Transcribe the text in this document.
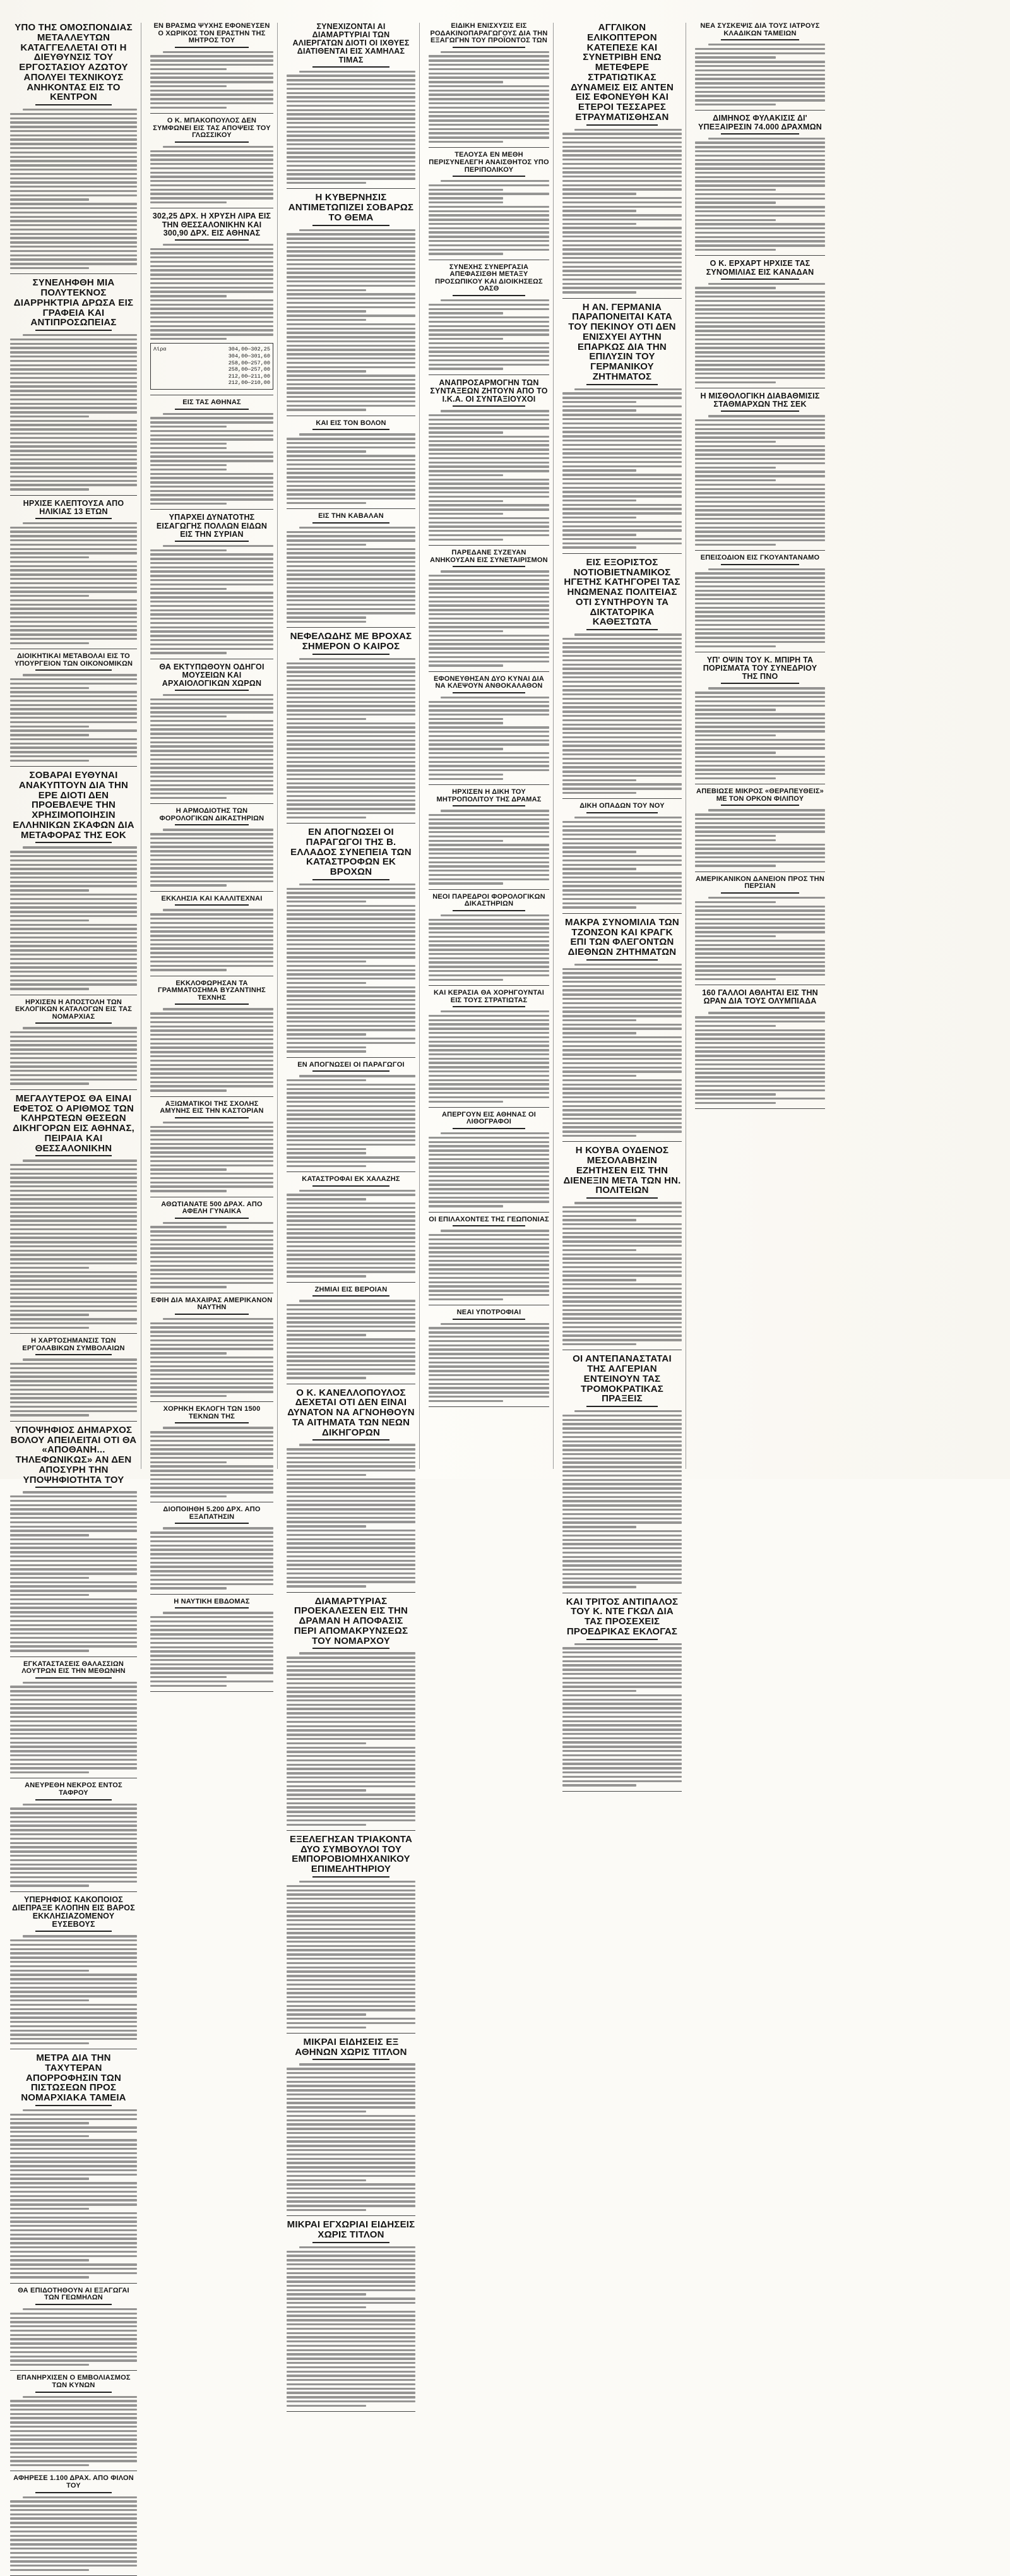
ΥΠΟ ΤΗΣ ΟΜΟΣΠΟΝΔΙΑΣ ΜΕΤΑΛΛΕΥΤΩΝ ΚΑΤΑΓΓΕΛΛΕΤΑΙ ΟΤΙ Η ΔΙΕΥΘΥΝΣΙΣ ΤΟΥ ΕΡΓΟΣΤΑΣΙΟΥ ΑΖΩΤΟΥ ΑΠΟΛΥΕΙ ΤΕΧΝΙΚΟΥΣ ΑΝΗΚΟΝΤΑΣ ΕΙΣ ΤΟ ΚΕΝΤΡΟΝ
ΣΥΝΕΛΗΦΘΗ ΜΙΑ ΠΟΛΥΤΕΚΝΟΣ ΔΙΑΡΡΗΚΤΡΙΑ ΔΡΩΣΑ ΕΙΣ ΓΡΑΦΕΙΑ ΚΑΙ ΑΝΤΙΠΡΟΣΩΠΕΙΑΣ
ΗΡΧΙΣΕ ΚΛΕΠΤΟΥΣΑ ΑΠΟ ΗΛΙΚΙΑΣ 13 ΕΤΩΝ
ΔΙΟΙΚΗΤΙΚΑΙ ΜΕΤΑΒΟΛΑΙ ΕΙΣ ΤΟ ΥΠΟΥΡΓΕΙΟΝ ΤΩΝ ΟΙΚΟΝΟΜΙΚΩΝ
ΣΟΒΑΡΑΙ ΕΥΘΥΝΑΙ ΑΝΑΚΥΠΤΟΥΝ ΔΙΑ ΤΗΝ ΕΡΕ ΔΙΟΤΙ ΔΕΝ ΠΡΟΕΒΛΕΨΕ ΤΗΝ ΧΡΗΣΙΜΟΠΟΙΗΣΙΝ ΕΛΛΗΝΙΚΩΝ ΣΚΑΦΩΝ ΔΙΑ ΜΕΤΑΦΟΡΑΣ ΤΗΣ ΕΟΚ
ΗΡΧΙΣΕΝ Η ΑΠΟΣΤΟΛΗ ΤΩΝ ΕΚΛΟΓΙΚΩΝ ΚΑΤΑΛΟΓΩΝ ΕΙΣ ΤΑΣ ΝΟΜΑΡΧΙΑΣ
ΜΕΓΑΛΥΤΕΡΟΣ ΘΑ ΕΙΝΑΙ ΕΦΕΤΟΣ Ο ΑΡΙΘΜΟΣ ΤΩΝ ΚΛΗΡΩΤΕΩΝ ΘΕΣΕΩΝ ΔΙΚΗΓΟΡΩΝ ΕΙΣ ΑΘΗΝΑΣ, ΠΕΙΡΑΙΑ ΚΑΙ ΘΕΣΣΑΛΟΝΙΚΗΝ
Η ΧΑΡΤΟΣΗΜΑΝΣΙΣ ΤΩΝ ΕΡΓΟΛΑΒΙΚΩΝ ΣΥΜΒΟΛΑΙΩΝ
ΥΠΟΨΗΦΙΟΣ ΔΗΜΑΡΧΟΣ ΒΟΛΟΥ ΑΠΕΙΛΕΙΤΑΙ ΟΤΙ ΘΑ «ΑΠΟΘΑΝΗ... ΤΗΛΕΦΩΝΙΚΩΣ» ΑΝ ΔΕΝ ΑΠΟΣΥΡΗ ΤΗΝ ΥΠΟΨΗΦΙΟΤΗΤΑ ΤΟΥ
ΕΓΚΑΤΑΣΤΑΣΕΙΣ ΘΑΛΑΣΣΙΩΝ ΛΟΥΤΡΩΝ ΕΙΣ ΤΗΝ ΜΕΘΩΝΗΝ
ΑΝΕΥΡΕΘΗ ΝΕΚΡΟΣ ΕΝΤΟΣ ΤΑΦΡΟΥ
ΥΠΕΡΗΦΙΟΣ ΚΑΚΟΠΟΙΟΣ ΔΙΕΠΡΑΞΕ ΚΛΟΠΗΝ ΕΙΣ ΒΑΡΟΣ ΕΚΚΛΗΣΙΑΖΟΜΕΝΟΥ ΕΥΣΕΒΟΥΣ
ΜΕΤΡΑ ΔΙΑ ΤΗΝ ΤΑΧΥΤΕΡΑΝ ΑΠΟΡΡΟΦΗΣΙΝ ΤΩΝ ΠΙΣΤΩΣΕΩΝ ΠΡΟΣ ΝΟΜΑΡΧΙΑΚΑ ΤΑΜΕΙΑ
ΘΑ ΕΠΙΔΟΤΗΘΟΥΝ ΑΙ ΕΞΑΓΩΓΑΙ ΤΩΝ ΓΕΩΜΗΛΩΝ
ΕΠΑΝΗΡΧΙΣΕΝ Ο ΕΜΒΟΛΙΑΣΜΟΣ ΤΩΝ ΚΥΝΩΝ
ΑΦΗΡΕΣΕ 1.100 ΔΡΑΧ. ΑΠΟ ΦΙΛΟΝ ΤΟΥ
ΕΝ ΒΡΑΣΜΩ ΨΥΧΗΣ ΕΦΟΝΕΥΣΕΝ Ο ΧΩΡΙΚΟΣ ΤΟΝ ΕΡΑΣΤΗΝ ΤΗΣ ΜΗΤΡΟΣ ΤΟΥ
Ο Κ. ΜΠΑΚΟΠΟΥΛΟΣ ΔΕΝ ΣΥΜΦΩΝΕΙ ΕΙΣ ΤΑΣ ΑΠΟΨΕΙΣ ΤΟΥ ΓΛΩΣΣΙΚΟΥ
302,25 ΔΡΧ. Η ΧΡΥΣΗ ΛΙΡΑ ΕΙΣ ΤΗΝ ΘΕΣΣΑΛΟΝΙΚΗΝ ΚΑΙ 300,90 ΔΡΧ. ΕΙΣ ΑΘΗΝΑΣ
Λίρα	304,00—302,25
304,00—301,60
258,00—257,00
258,00—257,00
212,00—211,00
212,00—210,00
ΕΙΣ ΤΑΣ ΑΘΗΝΑΣ
ΥΠΑΡΧΕΙ ΔΥΝΑΤΟΤΗΣ ΕΙΣΑΓΩΓΗΣ ΠΟΛΛΩΝ ΕΙΔΩΝ ΕΙΣ ΤΗΝ ΣΥΡΙΑΝ
ΘΑ ΕΚΤΥΠΩΘΟΥΝ ΟΔΗΓΟΙ ΜΟΥΣΕΙΩΝ ΚΑΙ ΑΡΧΑΙΟΛΟΓΙΚΩΝ ΧΩΡΩΝ
Η ΑΡΜΟΔΙΟΤΗΣ ΤΩΝ ΦΟΡΟΛΟΓΙΚΩΝ ΔΙΚΑΣΤΗΡΙΩΝ
ΕΚΚΛΗΣΙΑ ΚΑΙ ΚΑΛΛΙΤΕΧΝΑΙ
ΕΚΚΛΟΦΩΡΗΣΑΝ ΤΑ ΓΡΑΜΜΑΤΟΣΗΜΑ ΒΥΖΑΝΤΙΝΗΣ ΤΕΧΝΗΣ
ΑΞΙΩΜΑΤΙΚΟΙ ΤΗΣ ΣΧΟΛΗΣ ΑΜΥΝΗΣ ΕΙΣ ΤΗΝ ΚΑΣΤΟΡΙΑΝ
ΑΘΩΤΙΑΝΑΤΕ 500 ΔΡΑΧ. ΑΠΟ ΑΦΕΛΗ ΓΥΝΑΙΚΑ
ΕΦΙΗ ΔΙΑ ΜΑΧΑΙΡΑΣ ΑΜΕΡΙΚΑΝΟΝ ΝΑΥΤΗΝ
ΧΟΡΗΚΗ ΕΚΛΟΓΗ ΤΩΝ 1500 ΤΕΚΝΩΝ ΤΗΣ
ΔΙΟΠΟΙΗΘΗ 5.200 ΔΡΧ. ΑΠΟ ΕΞΑΠΑΤΗΣΙΝ
Η ΝΑΥΤΙΚΗ ΕΒΔΟΜΑΣ
ΣΥΝΕΧΙΖΟΝΤΑΙ ΑΙ ΔΙΑΜΑΡΤΥΡΙΑΙ ΤΩΝ ΑΛΙΕΡΓΑΤΩΝ ΔΙΟΤΙ ΟΙ ΙΧΘΥΕΣ ΔΙΑΤΙΘΕΝΤΑΙ ΕΙΣ ΧΑΜΗΛΑΣ ΤΙΜΑΣ
Η ΚΥΒΕΡΝΗΣΙΣ ΑΝΤΙΜΕΤΩΠΙΖΕΙ ΣΟΒΑΡΩΣ ΤΟ ΘΕΜΑ
ΚΑΙ ΕΙΣ ΤΟΝ ΒΟΛΟΝ
ΕΙΣ ΤΗΝ ΚΑΒΑΛΑΝ
ΝΕΦΕΛΩΔΗΣ ΜΕ ΒΡΟΧΑΣ ΣΗΜΕΡΟΝ Ο ΚΑΙΡΟΣ
ΕΝ ΑΠΟΓΝΩΣΕΙ ΟΙ ΠΑΡΑΓΩΓΟΙ ΤΗΣ Β. ΕΛΛΑΔΟΣ ΣΥΝΕΠΕΙΑ ΤΩΝ ΚΑΤΑΣΤΡΟΦΩΝ ΕΚ ΒΡΟΧΩΝ
ΕΝ ΑΠΟΓΝΩΣΕΙ ΟΙ ΠΑΡΑΓΩΓΟΙ
ΚΑΤΑΣΤΡΟΦΑΙ ΕΚ ΧΑΛΑΖΗΣ
ΖΗΜΙΑΙ ΕΙΣ ΒΕΡΟΙΑΝ
Ο Κ. ΚΑΝΕΛΛΟΠΟΥΛΟΣ ΔΕΧΕΤΑΙ ΟΤΙ ΔΕΝ ΕΙΝΑΙ ΔΥΝΑΤΟΝ ΝΑ ΑΓΝΟΗΘΟΥΝ ΤΑ ΑΙΤΗΜΑΤΑ ΤΩΝ ΝΕΩΝ ΔΙΚΗΓΟΡΩΝ
ΔΙΑΜΑΡΤΥΡΙΑΣ ΠΡΟΕΚΑΛΕΣΕΝ ΕΙΣ ΤΗΝ ΔΡΑΜΑΝ Η ΑΠΟΦΑΣΙΣ ΠΕΡΙ ΑΠΟΜΑΚΡΥΝΣΕΩΣ ΤΟΥ ΝΟΜΑΡΧΟΥ
ΕΞΕΛΕΓΗΣΑΝ ΤΡΙΑΚΟΝΤΑ ΔΥΟ ΣΥΜΒΟΥΛΟΙ ΤΟΥ ΕΜΠΟΡΟΒΙΟΜΗΧΑΝΙΚΟΥ ΕΠΙΜΕΛΗΤΗΡΙΟΥ
ΜΙΚΡΑΙ ΕΙΔΗΣΕΙΣ ΕΞ ΑΘΗΝΩΝ ΧΩΡΙΣ ΤΙΤΛΟΝ
ΜΙΚΡΑΙ ΕΓΧΩΡΙΑΙ ΕΙΔΗΣΕΙΣ ΧΩΡΙΣ ΤΙΤΛΟΝ
ΕΙΔΙΚΗ ΕΝΙΣΧΥΣΙΣ ΕΙΣ ΡΟΔΑΚΙΝΟΠΑΡΑΓΩΓΟΥΣ ΔΙΑ ΤΗΝ ΕΞΑΓΩΓΗΝ ΤΟΥ ΠΡΟΪΟΝΤΟΣ ΤΩΝ
ΤΕΛΟΥΣΑ ΕΝ ΜΕΘΗ ΠΕΡΙΣΥΝΕΛΕΓΗ ΑΝΑΙΣΘΗΤΟΣ ΥΠΟ ΠΕΡΙΠΟΛΙΚΟΥ
ΣΥΝΕΧΗΣ ΣΥΝΕΡΓΑΣΙΑ ΑΠΕΦΑΣΙΣΘΗ ΜΕΤΑΞΥ ΠΡΟΣΩΠΙΚΟΥ ΚΑΙ ΔΙΟΙΚΗΣΕΩΣ ΟΑΣΘ
ΑΝΑΠΡΟΣΑΡΜΟΓΗΝ ΤΩΝ ΣΥΝΤΑΞΕΩΝ ΖΗΤΟΥΝ ΑΠΟ ΤΟ Ι.Κ.Α. ΟΙ ΣΥΝΤΑΞΙΟΥΧΟΙ
ΠΑΡΕΔΑΝΕ ΣΥΖΕΥΑΝ ΑΝΗΚΟΥΣΑΝ ΕΙΣ ΣΥΝΕΤΑΙΡΙΣΜΟΝ
ΕΦΟΝΕΥΘΗΣΑΝ ΔΥΟ ΚΥΝΑΙ ΔΙΑ ΝΑ ΚΛΕΨΟΥΝ ΑΝΘΟΚΑΛΑΘΟΝ
ΗΡΧΙΣΕΝ Η ΔΙΚΗ ΤΟΥ ΜΗΤΡΟΠΟΛΙΤΟΥ ΤΗΣ ΔΡΑΜΑΣ
ΝΕΟΙ ΠΑΡΕΔΡΟΙ ΦΟΡΟΛΟΓΙΚΩΝ ΔΙΚΑΣΤΗΡΙΩΝ
ΚΑΙ ΚΕΡΑΣΙΑ ΘΑ ΧΟΡΗΓΟΥΝΤΑΙ ΕΙΣ ΤΟΥΣ ΣΤΡΑΤΙΩΤΑΣ
ΑΠΕΡΓΟΥΝ ΕΙΣ ΑΘΗΝΑΣ ΟΙ ΛΙΘΟΓΡΑΦΟΙ
ΟΙ ΕΠΙΛΑΧΟΝΤΕΣ ΤΗΣ ΓΕΩΠΟΝΙΑΣ
ΝΕΑΙ ΥΠΟΤΡΟΦΙΑΙ
ΑΓΓΛΙΚΟΝ ΕΛΙΚΟΠΤΕΡΟΝ ΚΑΤΕΠΕΣΕ ΚΑΙ ΣΥΝΕΤΡΙΒΗ ΕΝΩ ΜΕΤΕΦΕΡΕ ΣΤΡΑΤΙΩΤΙΚΑΣ ΔΥΝΑΜΕΙΣ ΕΙΣ ΑΝΤΕΝ ΕΙΣ ΕΦΟΝΕΥΘΗ ΚΑΙ ΕΤΕΡΟΙ ΤΕΣΣΑΡΕΣ ΕΤΡΑΥΜΑΤΙΣΘΗΣΑΝ
Η ΑΝ. ΓΕΡΜΑΝΙΑ ΠΑΡΑΠΟΝΕΙΤΑΙ ΚΑΤΑ ΤΟΥ ΠΕΚΙΝΟΥ ΟΤΙ ΔΕΝ ΕΝΙΣΧΥΕΙ ΑΥΤΗΝ ΕΠΑΡΚΩΣ ΔΙΑ ΤΗΝ ΕΠΙΛΥΣΙΝ ΤΟΥ ΓΕΡΜΑΝΙΚΟΥ ΖΗΤΗΜΑΤΟΣ
ΕΙΣ ΕΞΟΡΙΣΤΟΣ ΝΟΤΙΟΒΙΕΤΝΑΜΙΚΟΣ ΗΓΕΤΗΣ ΚΑΤΗΓΟΡΕΙ ΤΑΣ ΗΝΩΜΕΝΑΣ ΠΟΛΙΤΕΙΑΣ ΟΤΙ ΣΥΝΤΗΡΟΥΝ ΤΑ ΔΙΚΤΑΤΟΡΙΚΑ ΚΑΘΕΣΤΩΤΑ
ΔΙΚΗ ΟΠΑΔΩΝ ΤΟΥ ΝΟΥ
ΜΑΚΡΑ ΣΥΝΟΜΙΛΙΑ ΤΩΝ ΤΖΟΝΣΟΝ ΚΑΙ ΚΡΑΓΚ ΕΠΙ ΤΩΝ ΦΛΕΓΟΝΤΩΝ ΔΙΕΘΝΩΝ ΖΗΤΗΜΑΤΩΝ
Η ΚΟΥΒΑ ΟΥΔΕΝΟΣ ΜΕΣΟΛΑΒΗΣΙΝ ΕΖΗΤΗΣΕΝ ΕΙΣ ΤΗΝ ΔΙΕΝΕΞΙΝ ΜΕΤΑ ΤΩΝ ΗΝ. ΠΟΛΙΤΕΙΩΝ
ΟΙ ΑΝΤΕΠΑΝΑΣΤΑΤΑΙ ΤΗΣ ΑΛΓΕΡΙΑΝ ΕΝΤΕΙΝΟΥΝ ΤΑΣ ΤΡΟΜΟΚΡΑΤΙΚΑΣ ΠΡΑΞΕΙΣ
ΚΑΙ ΤΡΙΤΟΣ ΑΝΤΙΠΑΛΟΣ ΤΟΥ Κ. ΝΤΕ ΓΚΩΛ ΔΙΑ ΤΑΣ ΠΡΟΣΕΧΕΙΣ ΠΡΟΕΔΡΙΚΑΣ ΕΚΛΟΓΑΣ
ΝΕΑ ΣΥΣΚΕΨΙΣ ΔΙΑ ΤΟΥΣ ΙΑΤΡΟΥΣ ΚΛΑΔΙΚΩΝ ΤΑΜΕΙΩΝ
ΔΙΜΗΝΟΣ ΦΥΛΑΚΙΣΙΣ ΔΙ' ΥΠΕΞΑΙΡΕΣΙΝ 74.000 ΔΡΑΧΜΩΝ
Ο Κ. ΕΡΧΑΡΤ ΗΡΧΙΣΕ ΤΑΣ ΣΥΝΟΜΙΛΙΑΣ ΕΙΣ ΚΑΝΑΔΑΝ
Η ΜΙΣΘΟΛΟΓΙΚΗ ΔΙΑΒΑΘΜΙΣΙΣ ΣΤΑΘΜΑΡΧΩΝ ΤΗΣ ΣΕΚ
ΕΠΕΙΣΟΔΙΟΝ ΕΙΣ ΓΚΟΥΑΝΤΑΝΑΜΟ
ΥΠ' ΟΨΙΝ ΤΟΥ Κ. ΜΠΙΡΗ ΤΑ ΠΟΡΙΣΜΑΤΑ ΤΟΥ ΣΥΝΕΔΡΙΟΥ ΤΗΣ ΠΝΟ
ΑΠΕΒΙΩΣΕ ΜΙΚΡΟΣ «ΘΕΡΑΠΕΥΘΕΙΣ» ΜΕ ΤΟΝ ΟΡΚΟΝ ΦΙΛΙΠΟΥ
ΑΜΕΡΙΚΑΝΙΚΟΝ ΔΑΝΕΙΟΝ ΠΡΟΣ ΤΗΝ ΠΕΡΣΙΑΝ
160 ΓΑΛΛΟΙ ΑΘΛΗΤΑΙ ΕΙΣ ΤΗΝ ΩΡΑΝ ΔΙΑ ΤΟΥΣ ΟΛΥΜΠΙΑΔΑ
